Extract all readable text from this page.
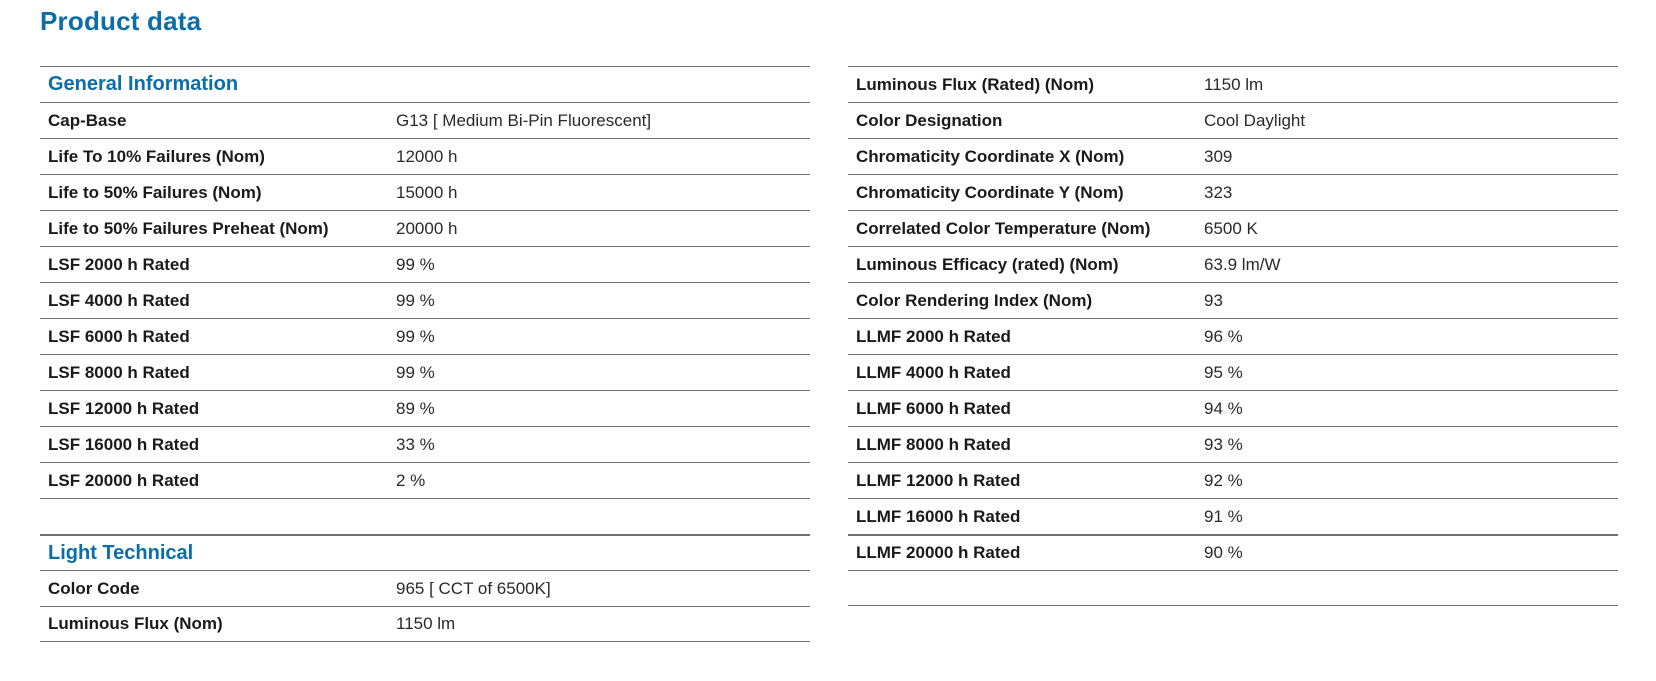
Product data
General Information
Cap-Base	G13 [ Medium Bi-Pin Fluorescent]
Life To 10% Failures (Nom)	12000 h
Life to 50% Failures (Nom)	15000 h
Life to 50% Failures Preheat (Nom)	20000 h
LSF 2000 h Rated	99 %
LSF 4000 h Rated	99 %
LSF 6000 h Rated	99 %
LSF 8000 h Rated	99 %
LSF 12000 h Rated	89 %
LSF 16000 h Rated	33 %
LSF 20000 h Rated	2 %
Light Technical
Color Code	965 [ CCT of 6500K]
Luminous Flux (Nom)	1150 lm
Luminous Flux (Rated) (Nom)	1150 lm
Color Designation	Cool Daylight
Chromaticity Coordinate X (Nom)	309
Chromaticity Coordinate Y (Nom)	323
Correlated Color Temperature (Nom)	6500 K
Luminous Efficacy (rated) (Nom)	63.9 lm/W
Color Rendering Index (Nom)	93
LLMF 2000 h Rated	96 %
LLMF 4000 h Rated	95 %
LLMF 6000 h Rated	94 %
LLMF 8000 h Rated	93 %
LLMF 12000 h Rated	92 %
LLMF 16000 h Rated	91 %
LLMF 20000 h Rated	90 %
